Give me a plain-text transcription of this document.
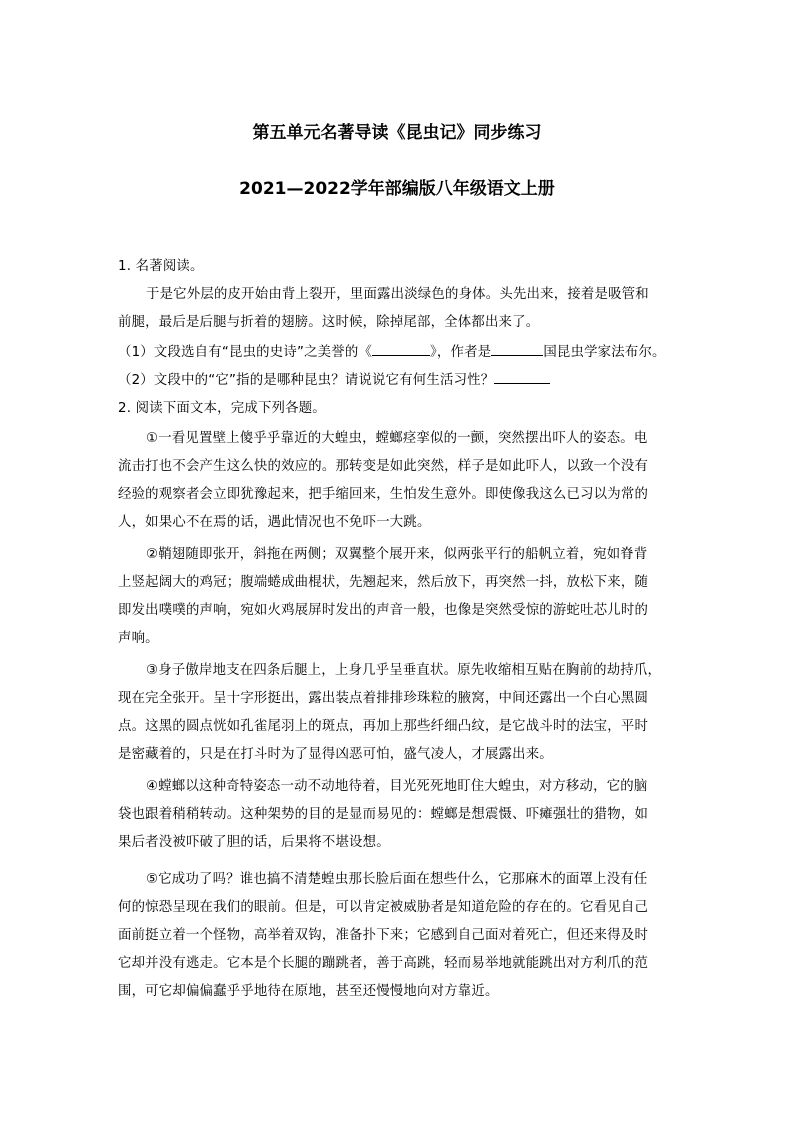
第五单元名著导读《昆虫记》同步练习
2021—2022学年部编版八年级语文上册
1. 名著阅读。
于是它外层的皮开始由背上裂开，里面露出淡绿色的身体。头先出来，接着是吸管和
前腿，最后是后腿与折着的翅膀。这时候，除掉尾部，全体都出来了。
（1）文段选自有“昆虫的史诗”之美誉的《	》，作者是	国昆虫学家法布尔。
（2）文段中的“它”指的是哪种昆虫？请说说它有何生活习性？
2. 阅读下面文本，完成下列各题。
①一看见置壁上傻乎乎靠近的大蝗虫，螳螂痉挛似的一颤，突然摆出吓人的姿态。电
流击打也不会产生这么快的效应的。那转变是如此突然，样子是如此吓人，以致一个没有
经验的观察者会立即犹豫起来，把手缩回来，生怕发生意外。即使像我这么已习以为常的
人，如果心不在焉的话，遇此情况也不免吓一大跳。
②鞘翅随即张开，斜拖在两侧；双翼整个展开来，似两张平行的船帆立着，宛如脊背
上竖起阔大的鸡冠；腹端蜷成曲棍状，先翘起来，然后放下，再突然一抖，放松下来，随
即发出噗噗的声响，宛如火鸡展屏时发出的声音一般，也像是突然受惊的游蛇吐芯儿时的
声响。
③身子傲岸地支在四条后腿上，上身几乎呈垂直状。原先收缩相互贴在胸前的劫持爪，
现在完全张开。呈十字形挺出，露出装点着排排珍珠粒的腋窝，中间还露出一个白心黑圆
点。这黑的圆点恍如孔雀尾羽上的斑点，再加上那些纤细凸纹，是它战斗时的法宝，平时
是密藏着的，只是在打斗时为了显得凶恶可怕，盛气凌人，才展露出来。
④螳螂以这种奇特姿态一动不动地待着，目光死死地盯住大蝗虫，对方移动，它的脑
袋也跟着稍稍转动。这种架势的目的是显而易见的：螳螂是想震慑、吓瘫强壮的猎物，如
果后者没被吓破了胆的话，后果将不堪设想。
⑤它成功了吗？谁也搞不清楚蝗虫那长脸后面在想些什么，它那麻木的面罩上没有任
何的惊恐呈现在我们的眼前。但是，可以肯定被威胁者是知道危险的存在的。它看见自己
面前挺立着一个怪物，高举着双钩，准备扑下来；它感到自己面对着死亡，但还来得及时
它却并没有逃走。它本是个长腿的蹦跳者，善于高跳，轻而易举地就能跳出对方利爪的范
围，可它却偏偏蠢乎乎地待在原地，甚至还慢慢地向对方靠近。
